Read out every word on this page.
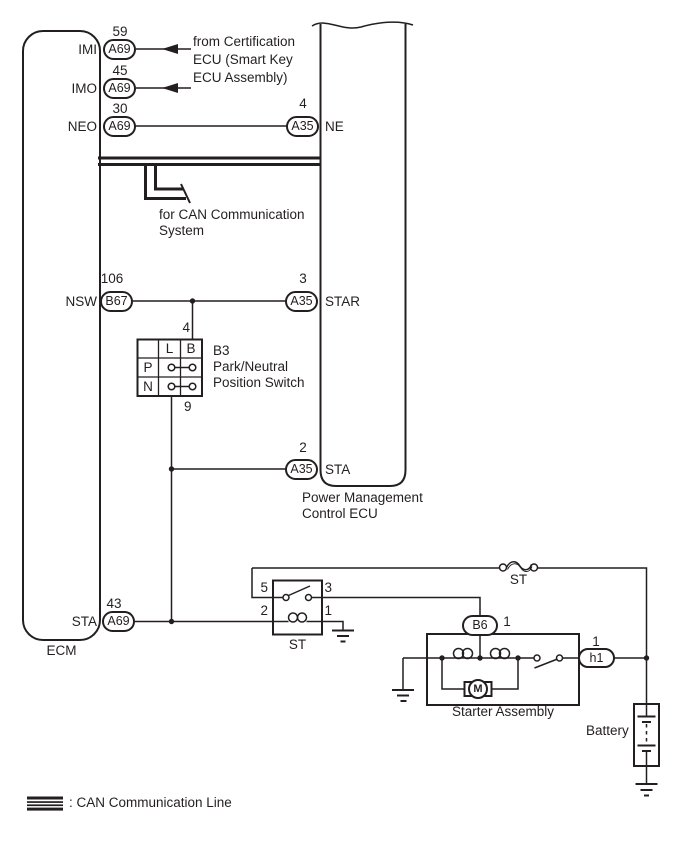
A69
A69
A69
B67
A69
A35
A35
A35
B6
h1
59
45
30
106
43
4
3
2
1
1
IMI
IMO
NEO
NSW
STA
NE
STAR
STA
from Certification
ECU (Smart Key
ECU Assembly)
for CAN Communication
System
4
9
L B
P
N
B3
Park/Neutral
Position Switch
ECM
Power Management
Control ECU
ST
ST
Starter Assembly
Battery
M
5	3
2	1
: CAN Communication Line
